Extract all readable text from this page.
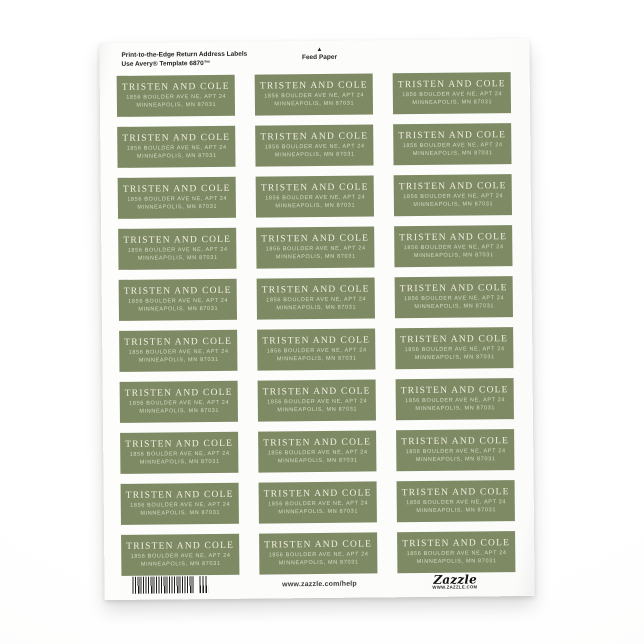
Print-to-the-Edge Return Address Labels
Use Avery® Template 6870™
▲
Feed Paper
TRISTEN AND COLE
1856 BOULDER AVE NE, APT 24
MINNEAPOLIS, MN 87031
TRISTEN AND COLE
1856 BOULDER AVE NE, APT 24
MINNEAPOLIS, MN 87031
TRISTEN AND COLE
1856 BOULDER AVE NE, APT 24
MINNEAPOLIS, MN 87031
TRISTEN AND COLE
1856 BOULDER AVE NE, APT 24
MINNEAPOLIS, MN 87031
TRISTEN AND COLE
1856 BOULDER AVE NE, APT 24
MINNEAPOLIS, MN 87031
TRISTEN AND COLE
1856 BOULDER AVE NE, APT 24
MINNEAPOLIS, MN 87031
TRISTEN AND COLE
1856 BOULDER AVE NE, APT 24
MINNEAPOLIS, MN 87031
TRISTEN AND COLE
1856 BOULDER AVE NE, APT 24
MINNEAPOLIS, MN 87031
TRISTEN AND COLE
1856 BOULDER AVE NE, APT 24
MINNEAPOLIS, MN 87031
TRISTEN AND COLE
1856 BOULDER AVE NE, APT 24
MINNEAPOLIS, MN 87031
TRISTEN AND COLE
1856 BOULDER AVE NE, APT 24
MINNEAPOLIS, MN 87031
TRISTEN AND COLE
1856 BOULDER AVE NE, APT 24
MINNEAPOLIS, MN 87031
TRISTEN AND COLE
1856 BOULDER AVE NE, APT 24
MINNEAPOLIS, MN 87031
TRISTEN AND COLE
1856 BOULDER AVE NE, APT 24
MINNEAPOLIS, MN 87031
TRISTEN AND COLE
1856 BOULDER AVE NE, APT 24
MINNEAPOLIS, MN 87031
TRISTEN AND COLE
1856 BOULDER AVE NE, APT 24
MINNEAPOLIS, MN 87031
TRISTEN AND COLE
1856 BOULDER AVE NE, APT 24
MINNEAPOLIS, MN 87031
TRISTEN AND COLE
1856 BOULDER AVE NE, APT 24
MINNEAPOLIS, MN 87031
TRISTEN AND COLE
1856 BOULDER AVE NE, APT 24
MINNEAPOLIS, MN 87031
TRISTEN AND COLE
1856 BOULDER AVE NE, APT 24
MINNEAPOLIS, MN 87031
TRISTEN AND COLE
1856 BOULDER AVE NE, APT 24
MINNEAPOLIS, MN 87031
TRISTEN AND COLE
1856 BOULDER AVE NE, APT 24
MINNEAPOLIS, MN 87031
TRISTEN AND COLE
1856 BOULDER AVE NE, APT 24
MINNEAPOLIS, MN 87031
TRISTEN AND COLE
1856 BOULDER AVE NE, APT 24
MINNEAPOLIS, MN 87031
TRISTEN AND COLE
1856 BOULDER AVE NE, APT 24
MINNEAPOLIS, MN 87031
TRISTEN AND COLE
1856 BOULDER AVE NE, APT 24
MINNEAPOLIS, MN 87031
TRISTEN AND COLE
1856 BOULDER AVE NE, APT 24
MINNEAPOLIS, MN 87031
TRISTEN AND COLE
1856 BOULDER AVE NE, APT 24
MINNEAPOLIS, MN 87031
TRISTEN AND COLE
1856 BOULDER AVE NE, APT 24
MINNEAPOLIS, MN 87031
TRISTEN AND COLE
1856 BOULDER AVE NE, APT 24
MINNEAPOLIS, MN 87031
www.zazzle.com/help	Zazzle
WWW.ZAZZLE.COM
